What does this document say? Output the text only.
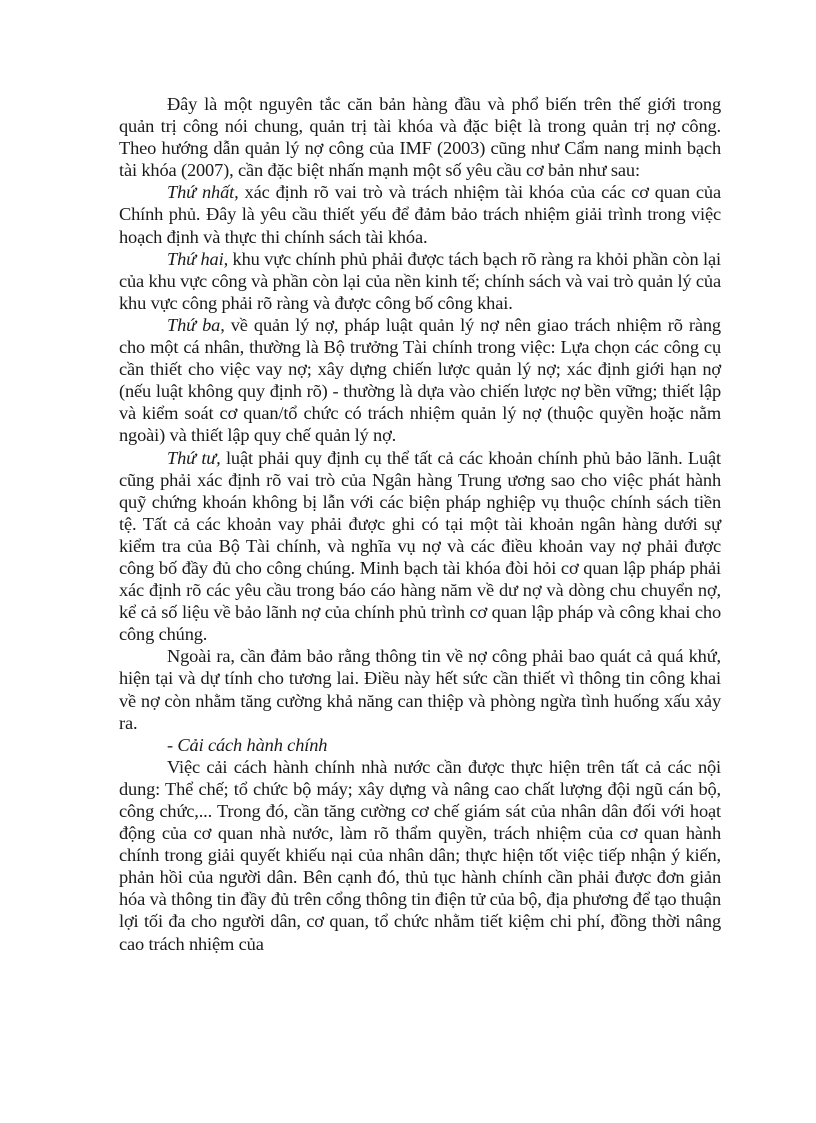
Đây là một nguyên tắc căn bản hàng đầu và phổ biến trên thế giới trong quản trị công nói chung, quản trị tài khóa và đặc biệt là trong quản trị nợ công. Theo hướng dẫn quản lý nợ công của IMF (2003) cũng như Cẩm nang minh bạch tài khóa (2007), cần đặc biệt nhấn mạnh một số yêu cầu cơ bản như sau:

Thứ nhất, xác định rõ vai trò và trách nhiệm tài khóa của các cơ quan của Chính phủ. Đây là yêu cầu thiết yếu để đảm bảo trách nhiệm giải trình trong việc hoạch định và thực thi chính sách tài khóa.

Thứ hai, khu vực chính phủ phải được tách bạch rõ ràng ra khỏi phần còn lại của khu vực công và phần còn lại của nền kinh tế; chính sách và vai trò quản lý của khu vực công phải rõ ràng và được công bố công khai.

Thứ ba, về quản lý nợ, pháp luật quản lý nợ nên giao trách nhiệm rõ ràng cho một cá nhân, thường là Bộ trưởng Tài chính trong việc: Lựa chọn các công cụ cần thiết cho việc vay nợ; xây dựng chiến lược quản lý nợ; xác định giới hạn nợ (nếu luật không quy định rõ) - thường là dựa vào chiến lược nợ bền vững; thiết lập và kiểm soát cơ quan/tổ chức có trách nhiệm quản lý nợ (thuộc quyền hoặc nằm ngoài) và thiết lập quy chế quản lý nợ.

Thứ tư, luật phải quy định cụ thể tất cả các khoản chính phủ bảo lãnh. Luật cũng phải xác định rõ vai trò của Ngân hàng Trung ương sao cho việc phát hành quỹ chứng khoán không bị lẫn với các biện pháp nghiệp vụ thuộc chính sách tiền tệ. Tất cả các khoản vay phải được ghi có tại một tài khoản ngân hàng dưới sự kiểm tra của Bộ Tài chính, và nghĩa vụ nợ và các điều khoản vay nợ phải được công bố đầy đủ cho công chúng. Minh bạch tài khóa đòi hỏi cơ quan lập pháp phải xác định rõ các yêu cầu trong báo cáo hàng năm về dư nợ và dòng chu chuyển nợ, kể cả số liệu về bảo lãnh nợ của chính phủ trình cơ quan lập pháp và công khai cho công chúng.

Ngoài ra, cần đảm bảo rằng thông tin về nợ công phải bao quát cả quá khứ, hiện tại và dự tính cho tương lai. Điều này hết sức cần thiết vì thông tin công khai về nợ còn nhằm tăng cường khả năng can thiệp và phòng ngừa tình huống xấu xảy ra.

- Cải cách hành chính

Việc cải cách hành chính nhà nước cần được thực hiện trên tất cả các nội dung: Thể chế; tổ chức bộ máy; xây dựng và nâng cao chất lượng đội ngũ cán bộ, công chức,... Trong đó, cần tăng cường cơ chế giám sát của nhân dân đối với hoạt động của cơ quan nhà nước, làm rõ thẩm quyền, trách nhiệm của cơ quan hành chính trong giải quyết khiếu nại của nhân dân; thực hiện tốt việc tiếp nhận ý kiến, phản hồi của người dân. Bên cạnh đó, thủ tục hành chính cần phải được đơn giản hóa và thông tin đầy đủ trên cổng thông tin điện tử của bộ, địa phương để tạo thuận lợi tối đa cho người dân, cơ quan, tổ chức nhằm tiết kiệm chi phí, đồng thời nâng cao trách nhiệm của
